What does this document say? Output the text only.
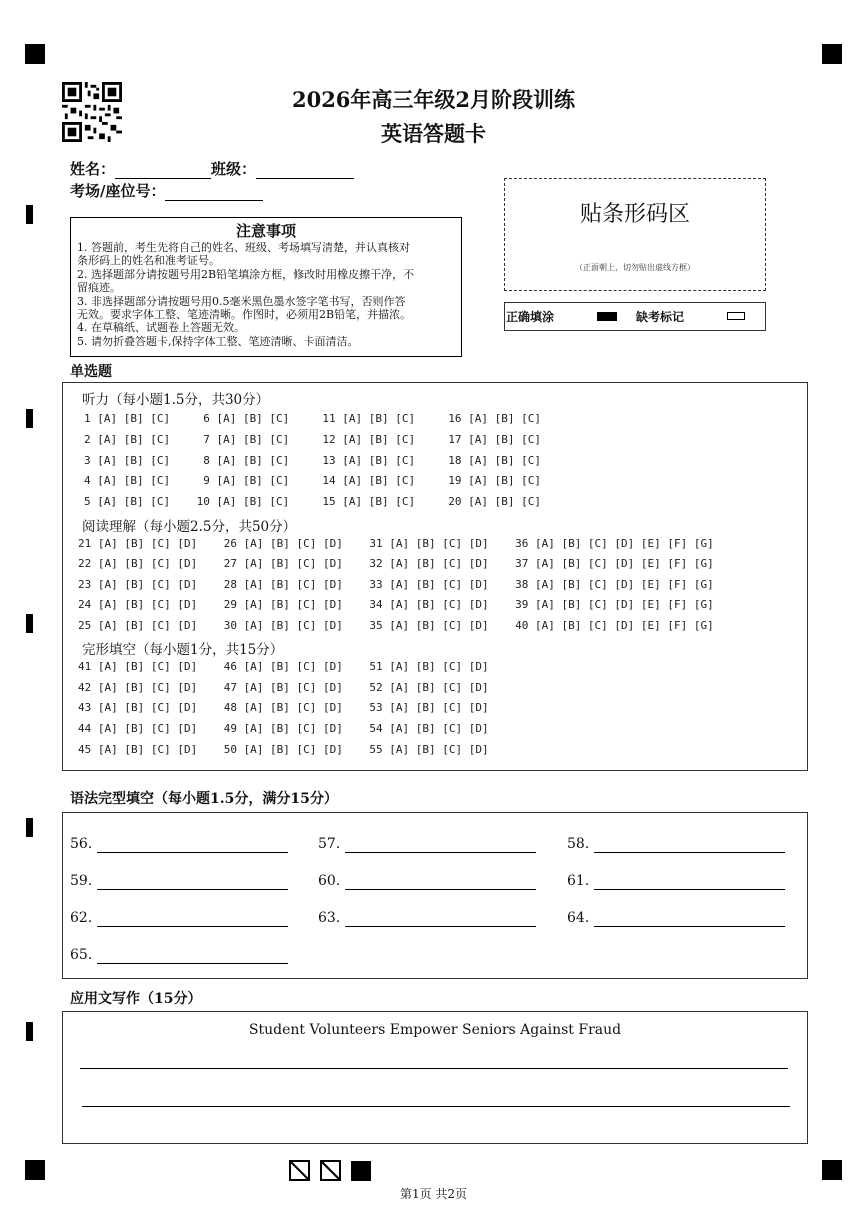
2026年高三年级2月阶段训练
英语答题卡
姓名：	班级：
考场/座位号：
贴条形码区
（正面朝上，切勿贴出虚线方框）
正确填涂	缺考标记
注意事项
1. 答题前，考生先将自己的姓名、班级、考场填写清楚，并认真核对
条形码上的姓名和准考证号。
2. 选择题部分请按题号用2B铅笔填涂方框，修改时用橡皮擦干净，不
留痕迹。
3. 非选择题部分请按题号用0.5毫米黑色墨水签字笔书写，否则作答
无效。要求字体工整、笔迹清晰。作图时，必须用2B铅笔，并描浓。
4. 在草稿纸、试题卷上答题无效。
5. 请勿折叠答题卡,保持字体工整、笔迹清晰、卡面清洁。
单选题
听力（每小题1.5分，共30分）
1 [A] [B] [C]     6 [A] [B] [C]     11 [A] [B] [C]     16 [A] [B] [C]
2 [A] [B] [C]     7 [A] [B] [C]     12 [A] [B] [C]     17 [A] [B] [C]
3 [A] [B] [C]     8 [A] [B] [C]     13 [A] [B] [C]     18 [A] [B] [C]
4 [A] [B] [C]     9 [A] [B] [C]     14 [A] [B] [C]     19 [A] [B] [C]
5 [A] [B] [C]    10 [A] [B] [C]     15 [A] [B] [C]     20 [A] [B] [C]
阅读理解（每小题2.5分，共50分）
21 [A] [B] [C] [D]    26 [A] [B] [C] [D]    31 [A] [B] [C] [D]    36 [A] [B] [C] [D] [E] [F] [G]
22 [A] [B] [C] [D]    27 [A] [B] [C] [D]    32 [A] [B] [C] [D]    37 [A] [B] [C] [D] [E] [F] [G]
23 [A] [B] [C] [D]    28 [A] [B] [C] [D]    33 [A] [B] [C] [D]    38 [A] [B] [C] [D] [E] [F] [G]
24 [A] [B] [C] [D]    29 [A] [B] [C] [D]    34 [A] [B] [C] [D]    39 [A] [B] [C] [D] [E] [F] [G]
25 [A] [B] [C] [D]    30 [A] [B] [C] [D]    35 [A] [B] [C] [D]    40 [A] [B] [C] [D] [E] [F] [G]
完形填空（每小题1分，共15分）
41 [A] [B] [C] [D]    46 [A] [B] [C] [D]    51 [A] [B] [C] [D]
42 [A] [B] [C] [D]    47 [A] [B] [C] [D]    52 [A] [B] [C] [D]
43 [A] [B] [C] [D]    48 [A] [B] [C] [D]    53 [A] [B] [C] [D]
44 [A] [B] [C] [D]    49 [A] [B] [C] [D]    54 [A] [B] [C] [D]
45 [A] [B] [C] [D]    50 [A] [B] [C] [D]    55 [A] [B] [C] [D]
语法完型填空（每小题1.5分，满分15分）
56.	57.	58.
59.	60.	61.
62.	63.	64.
65.
应用文写作（15分）
Student Volunteers Empower Seniors Against Fraud
第1页 共2页
